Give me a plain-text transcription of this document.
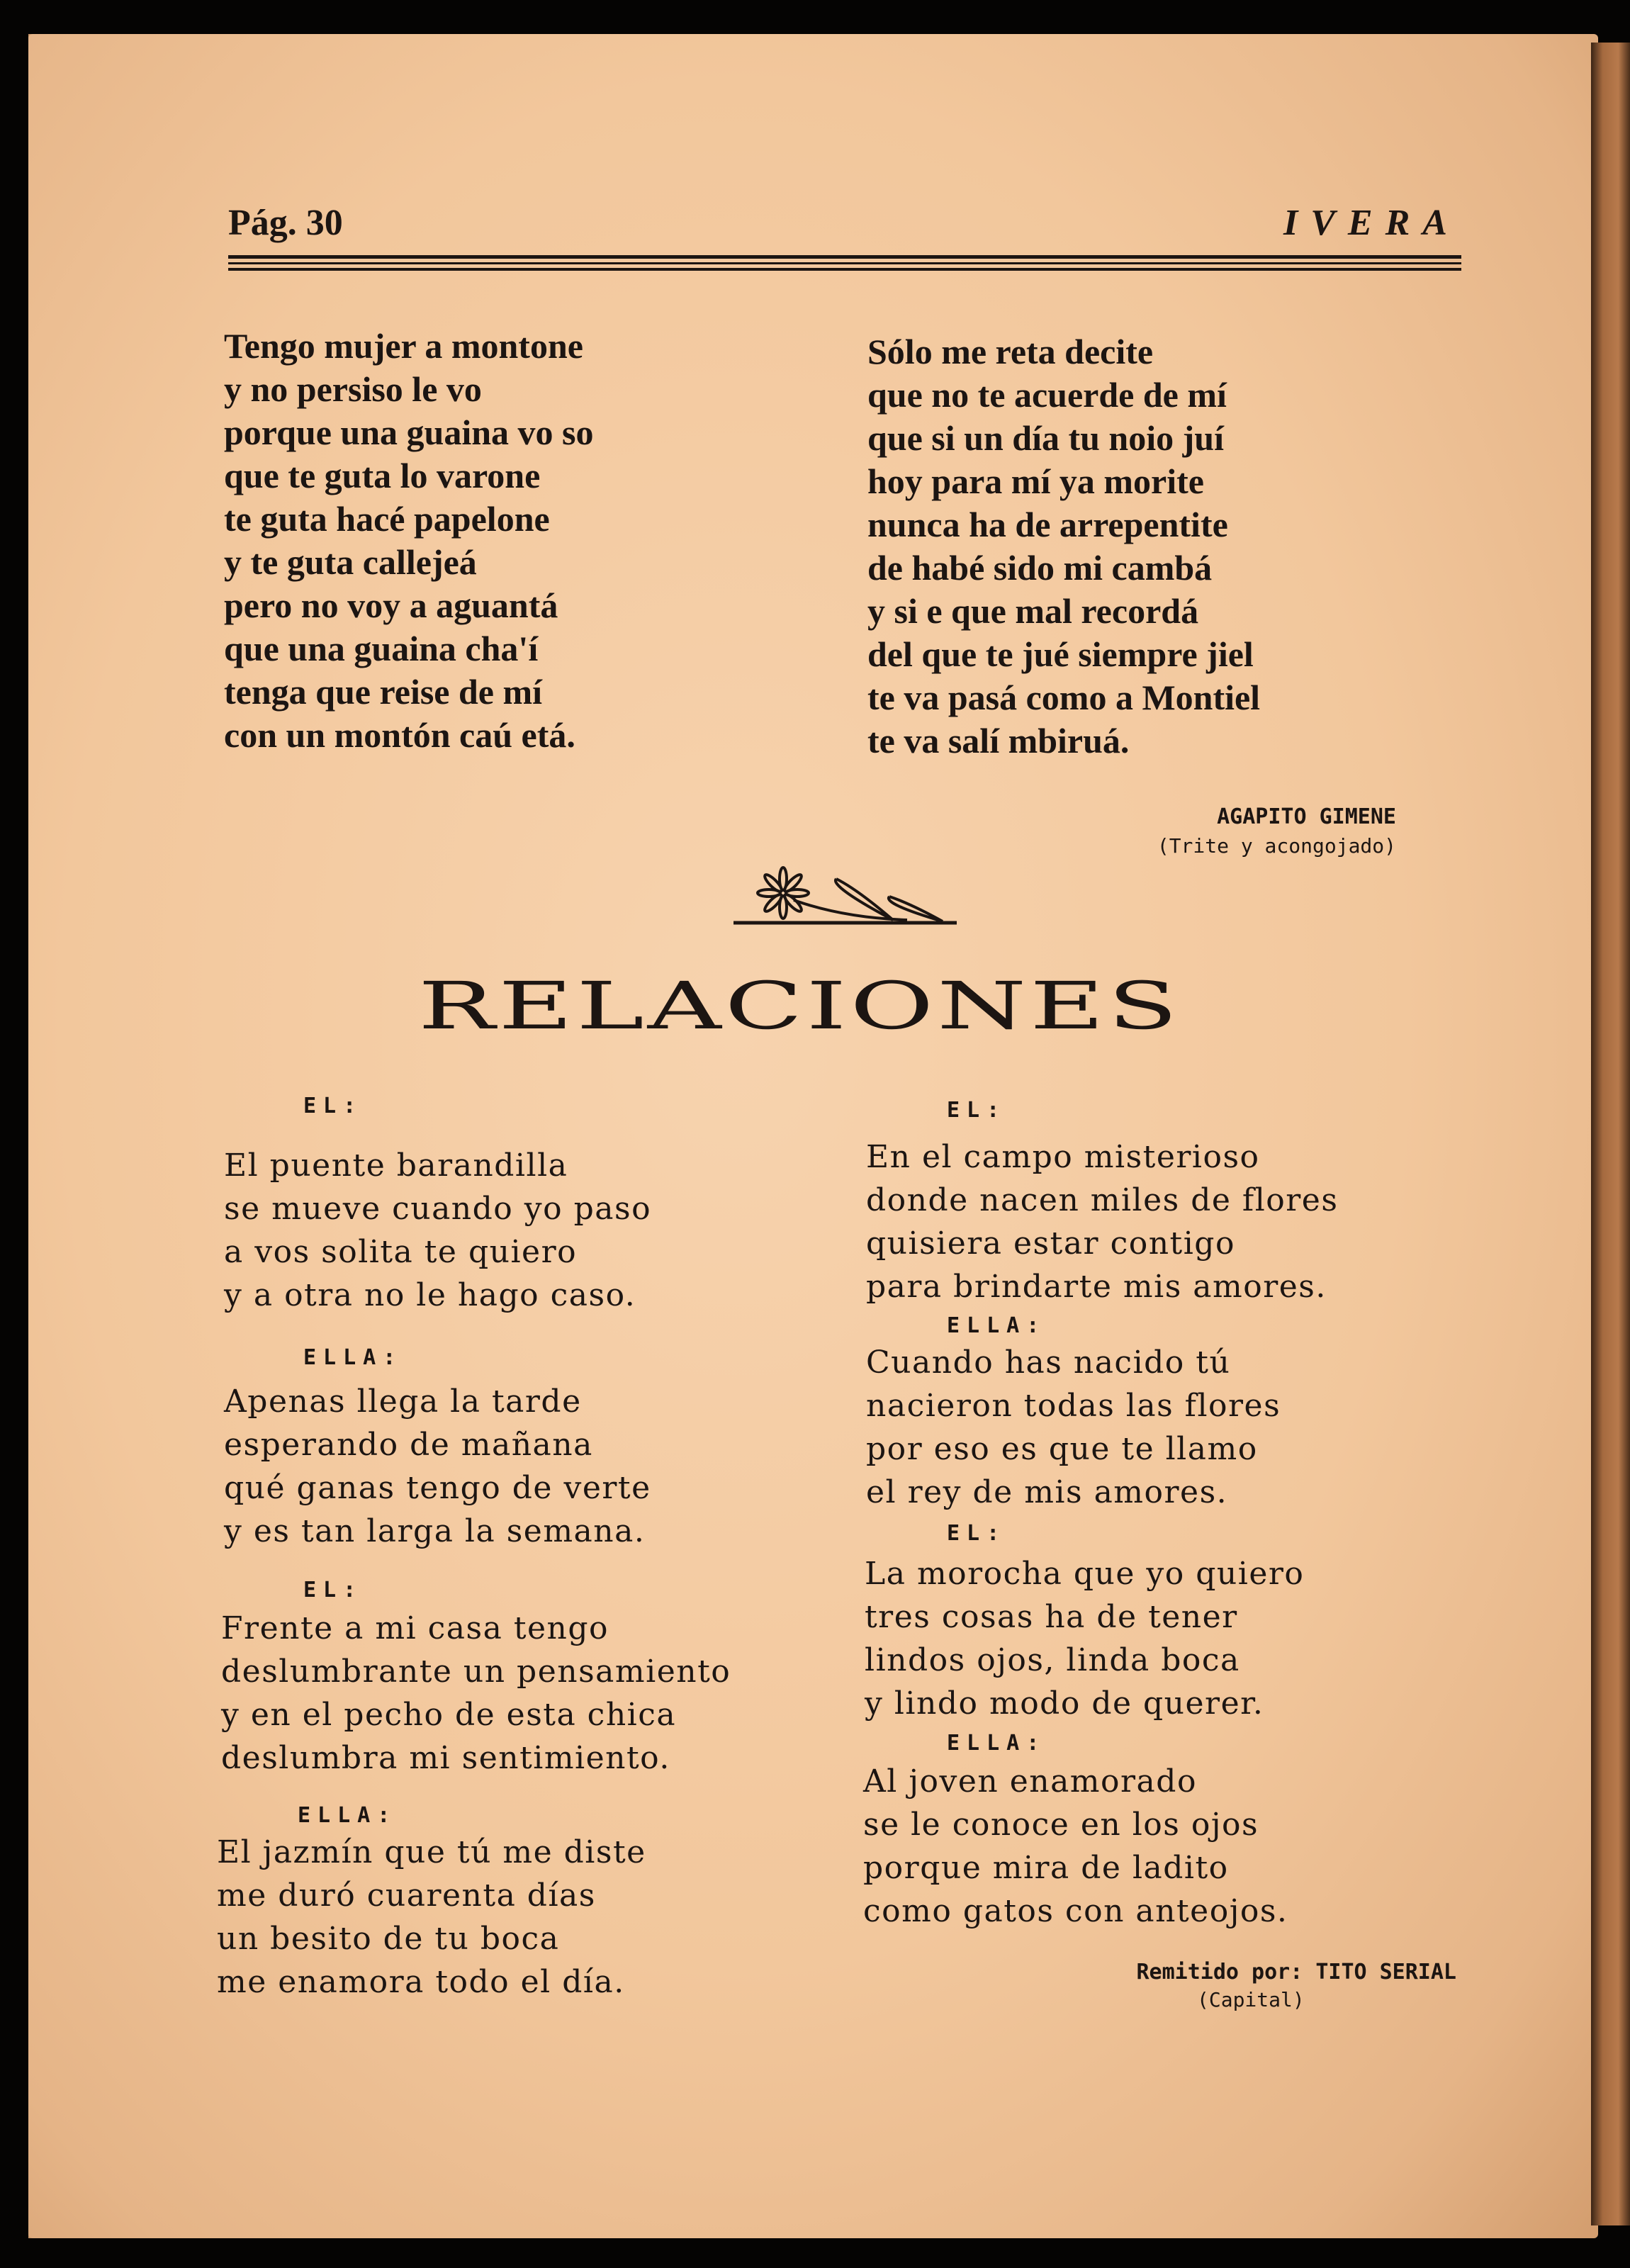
Pág. 30	IVERA
Tengo mujer a montone
y no persiso le vo
porque una guaina vo so
que te guta lo varone
te guta hacé papelone
y te guta callejeá
pero no voy a aguantá
que una guaina cha'í
tenga que reise de mí
con un montón caú etá.
Sólo me reta decite
que no te acuerde de mí
que si un día tu noio juí
hoy para mí ya morite
nunca ha de arrepentite
de habé sido mi cambá
y si e que mal recordá
del que te jué siempre jiel
te va pasá como a Montiel
te va salí mbiruá.
AGAPITO GIMENE
(Trite y acongojado)
RELACIONES
EL:
El puente barandilla
se mueve cuando yo paso
a vos solita te quiero
y a otra no le hago caso.
ELLA:
Apenas llega la tarde
esperando de mañana
qué ganas tengo de verte
y es tan larga la semana.
EL:
Frente a mi casa tengo
deslumbrante un pensamiento
y en el pecho de esta chica
deslumbra mi sentimiento.
ELLA:
El jazmín que tú me diste
me duró cuarenta días
un besito de tu boca
me enamora todo el día.
EL:
En el campo misterioso
donde nacen miles de flores
quisiera estar contigo
para brindarte mis amores.
ELLA:
Cuando has nacido tú
nacieron todas las flores
por eso es que te llamo
el rey de mis amores.
EL:
La morocha que yo quiero
tres cosas ha de tener
lindos ojos, linda boca
y lindo modo de querer.
ELLA:
Al joven enamorado
se le conoce en los ojos
porque mira de ladito
como gatos con anteojos.
Remitido por: TITO SERIAL
(Capital)
